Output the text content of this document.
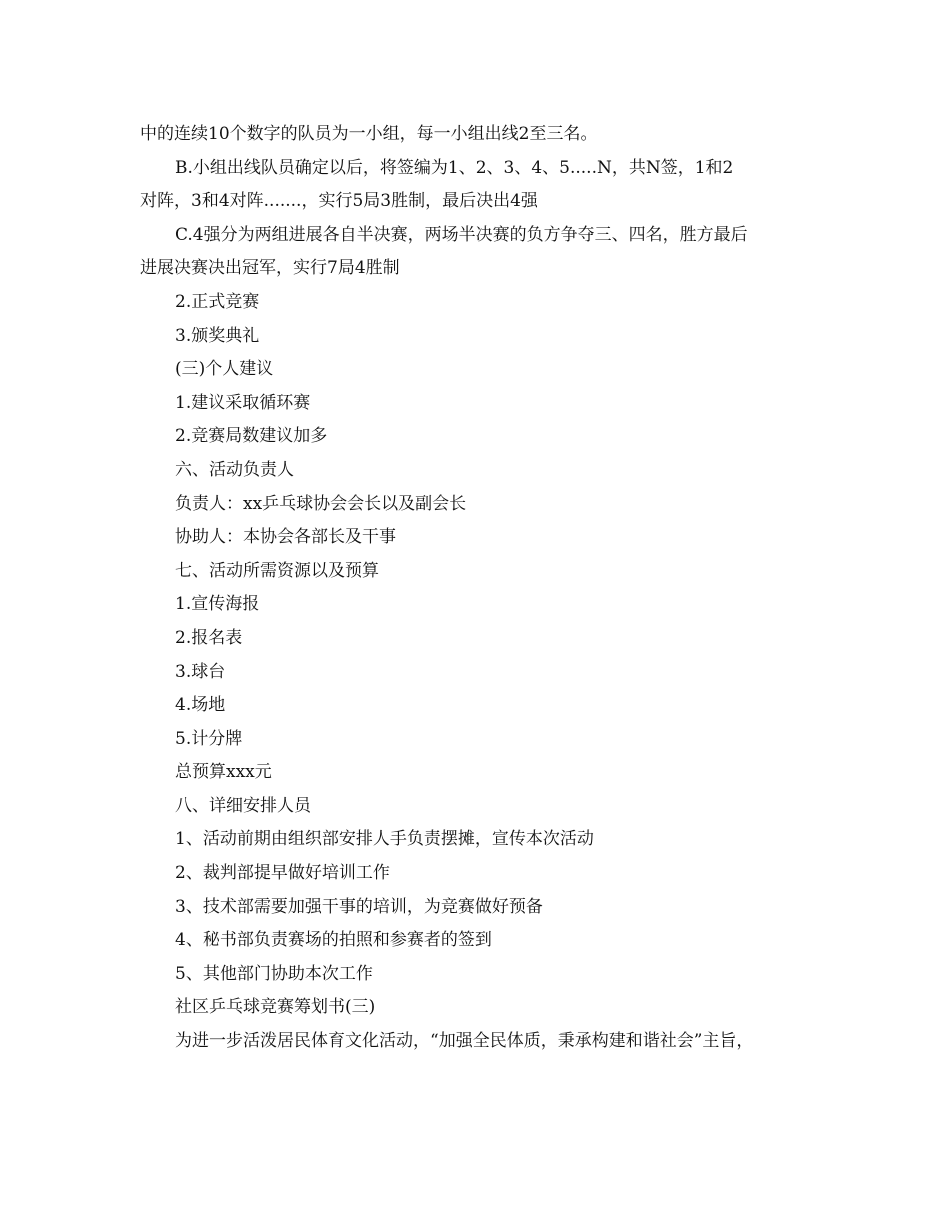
中的连续10个数字的队员为一小组，每一小组出线2至三名。
B.小组出线队员确定以后，将签编为1、2、3、4、5.....N，共N签，1和2
对阵，3和4对阵.......，实行5局3胜制，最后决出4强
C.4强分为两组进展各自半决赛，两场半决赛的负方争夺三、四名，胜方最后
进展决赛决出冠军，实行7局4胜制
2.正式竞赛
3.颁奖典礼
(三)个人建议
1.建议采取循环赛
2.竞赛局数建议加多
六、活动负责人
负责人：xx乒乓球协会会长以及副会长
协助人：本协会各部长及干事
七、活动所需资源以及预算
1.宣传海报
2.报名表
3.球台
4.场地
5.计分牌
总预算xxx元
八、详细安排人员
1、活动前期由组织部安排人手负责摆摊，宣传本次活动
2、裁判部提早做好培训工作
3、技术部需要加强干事的培训，为竞赛做好预备
4、秘书部负责赛场的拍照和参赛者的签到
5、其他部门协助本次工作
社区乒乓球竞赛筹划书(三)
为进一步活泼居民体育文化活动，“加强全民体质，秉承构建和谐社会”主旨，
